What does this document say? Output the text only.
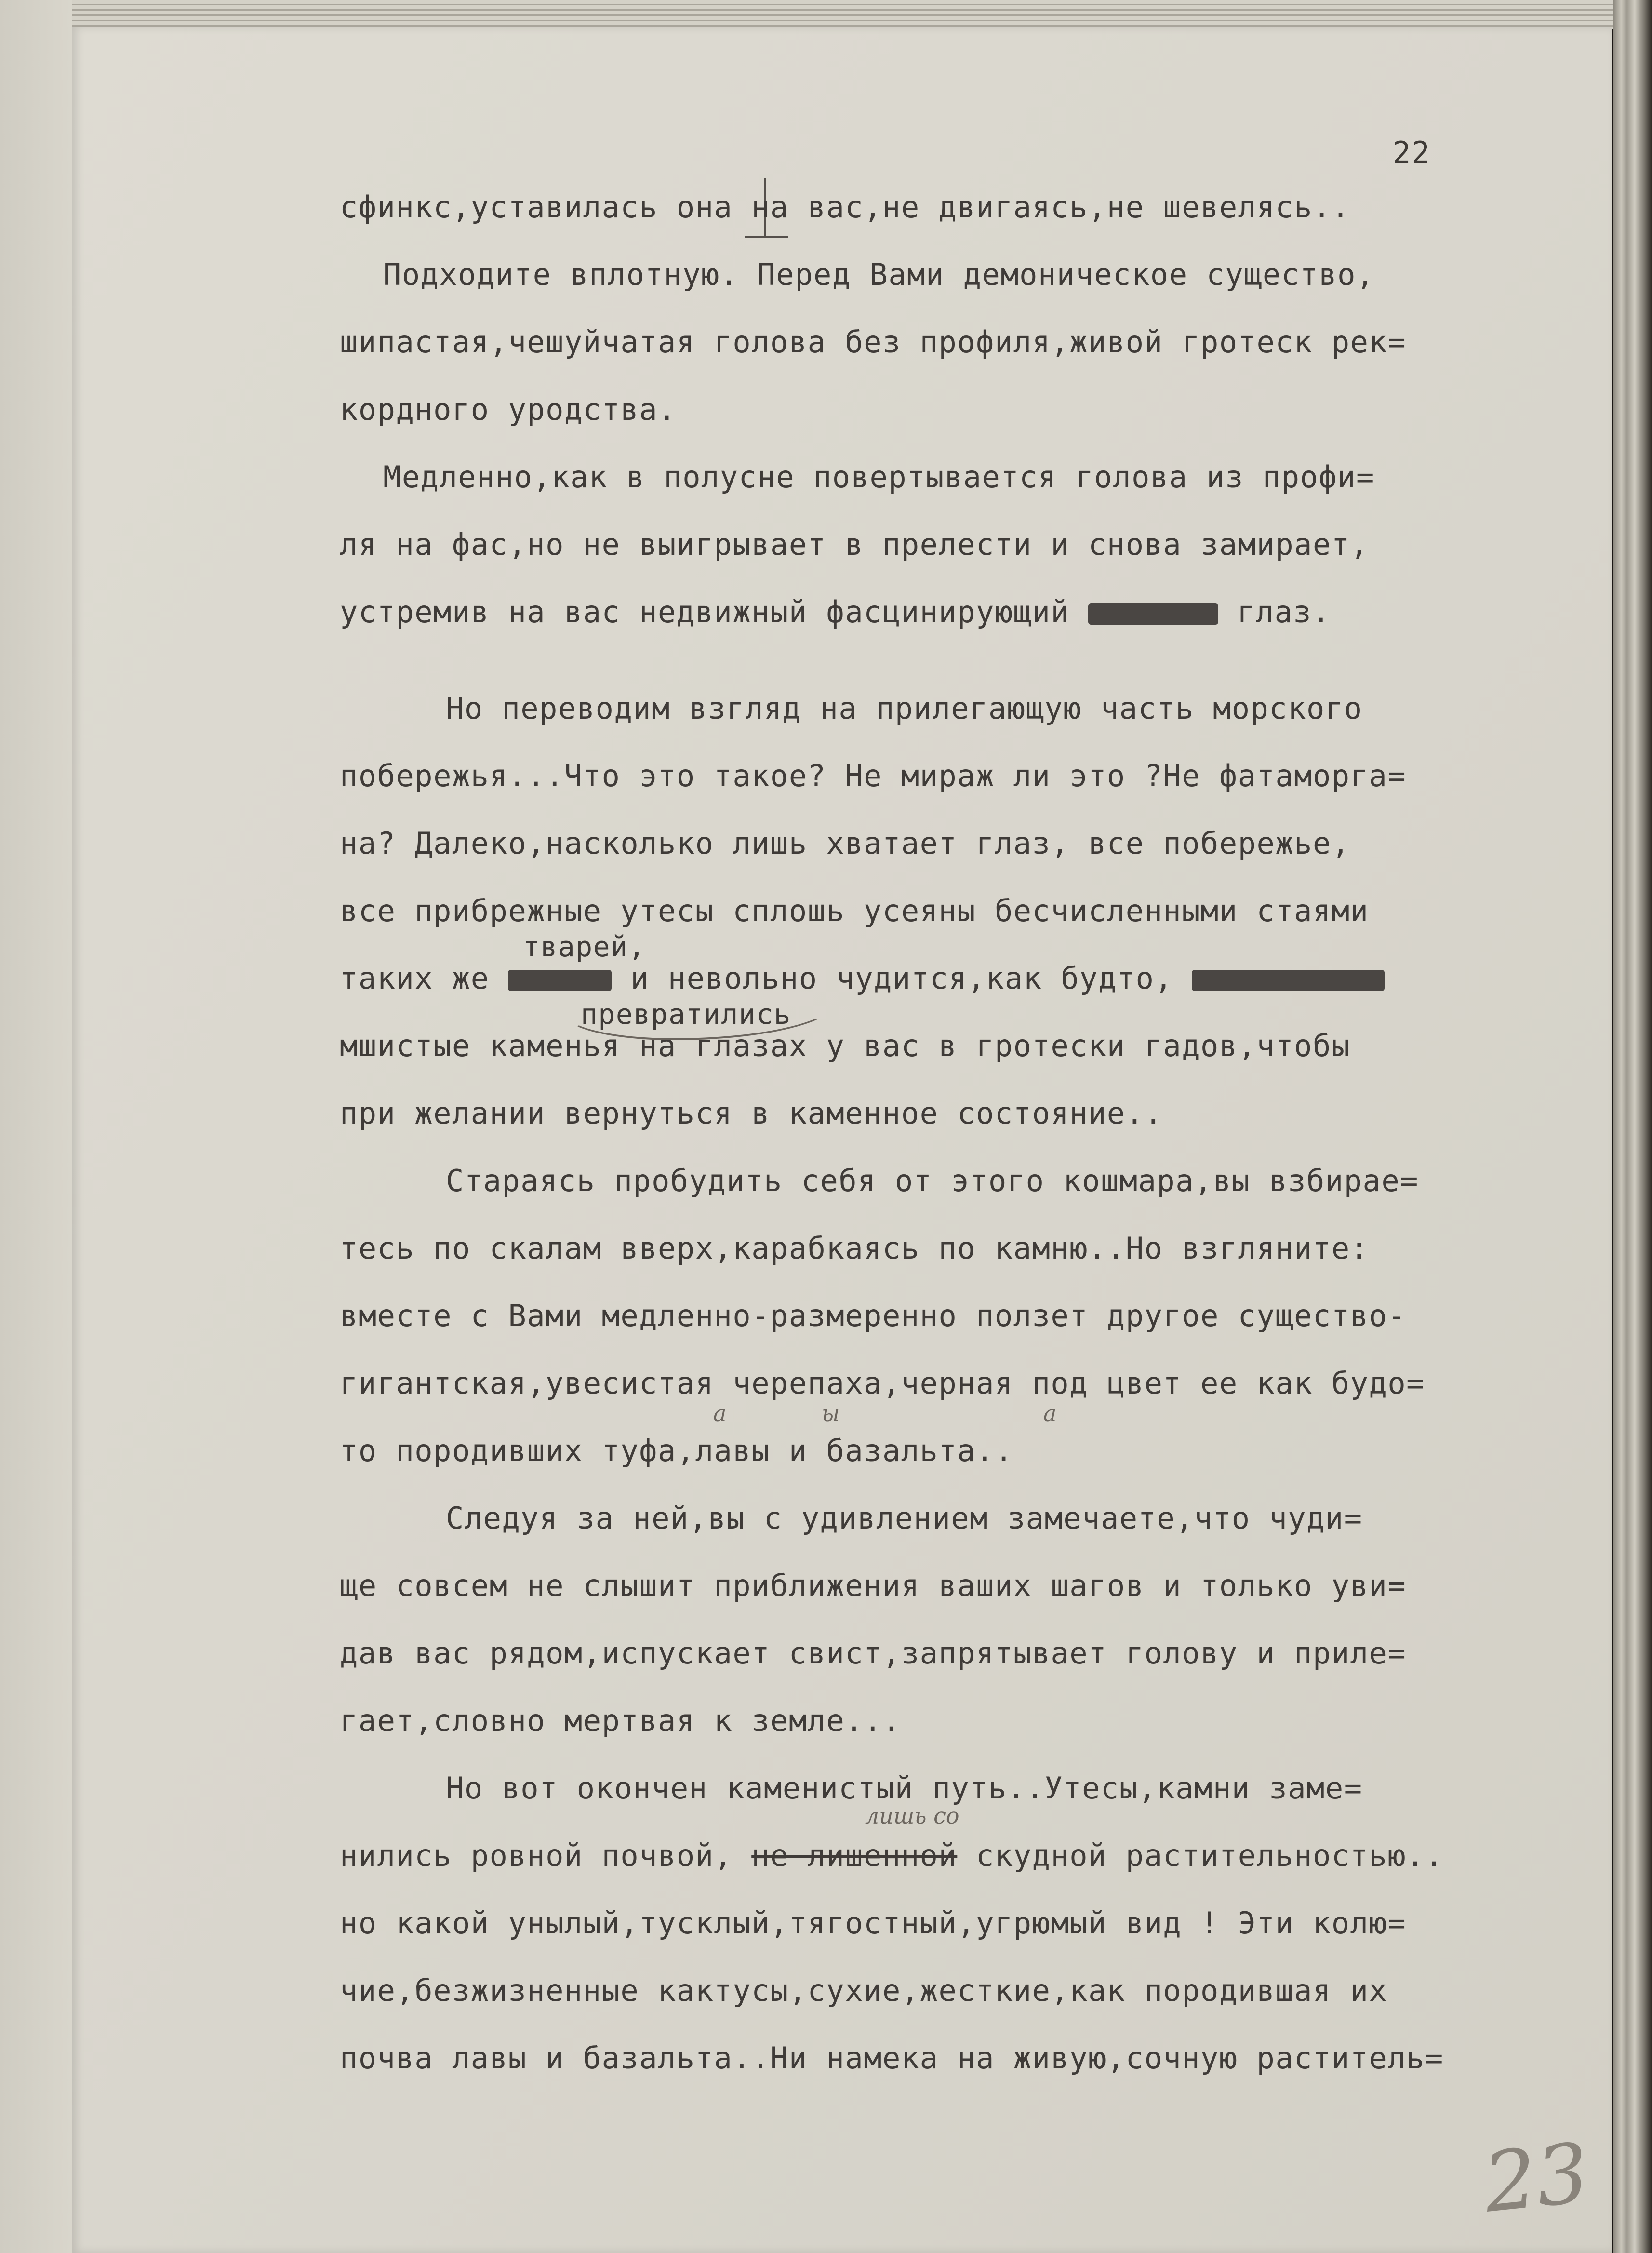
22
сфинкс,уставилась она на вас,не двигаясь,не шевелясь..
Подходите вплотную. Перед Вами демоническое существо,
шипастая,чешуйчатая голова без профиля,живой гротеск рек=
кордного уродства.
Медленно,как в полусне повертывается голова из профи=
ля на фас,но не выигрывает в прелести и снова замирает,
устремив на вас недвижный фасцинирующий	глаз.
Но переводим взгляд на прилегающую часть морского
побережья...Что это такое? Не мираж ли это ?Не фатаморга=
на? Далеко,насколько лишь хватает глаз, все побережье,
все прибрежные утесы сплошь усеяны бесчисленными стаями
тварей,
таких же	и невольно чудится,как будто,
превратились
мшистые каменья на глазах у вас в гротески гадов,чтобы
при желании вернуться в каменное состояние..
Стараясь пробудить себя от этого кошмара,вы взбирае=
тесь по скалам вверх,карабкаясь по камню..Но взгляните:
вместе с Вами медленно-размеренно ползет другое существо-
гигантская,увесистая черепаха,черная под цвет ее как будо=
а	ы	а
то породивших туфа,лавы и базальта..
Следуя за ней,вы с удивлением замечаете,что чуди=
ще совсем не слышит приближения ваших шагов и только уви=
дав вас рядом,испускает свист,запрятывает голову и приле=
гает,словно мертвая к земле...
Но вот окончен каменистый путь..Утесы,камни заме=
лишь со
нились ровной почвой, не лишенной скудной растительностью..
но какой унылый,тусклый,тягостный,угрюмый вид ! Эти колю=
чие,безжизненные кактусы,сухие,жесткие,как породившая их
почва лавы и базальта..Ни намека на живую,сочную раститель=
23
